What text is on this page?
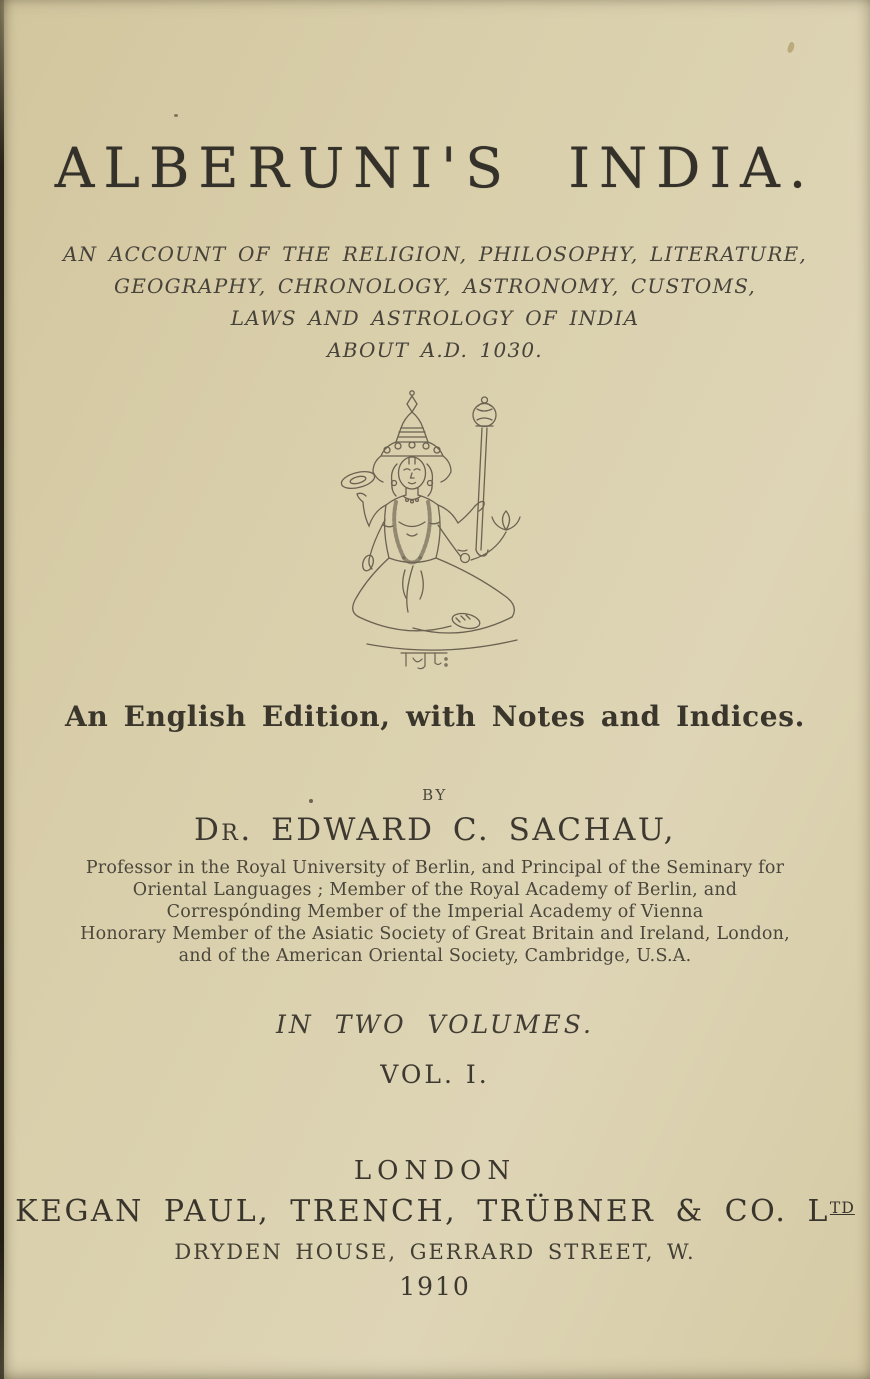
ALBERUNI'S INDIA.
AN ACCOUNT OF THE RELIGION, PHILOSOPHY, LITERATURE,
GEOGRAPHY, CHRONOLOGY, ASTRONOMY, CUSTOMS,
LAWS AND ASTROLOGY OF INDIA
ABOUT A.D. 1030.
An English Edition, with Notes and Indices.
BY
Dr. EDWARD C. SACHAU,
Professor in the Royal University of Berlin, and Principal of the Seminary for
Oriental Languages ; Member of the Royal Academy of Berlin, and
Correspónding Member of the Imperial Academy of Vienna
Honorary Member of the Asiatic Society of Great Britain and Ireland, London,
and of the American Oriental Society, Cambridge, U.S.A.
IN TWO VOLUMES.
VOL. I.
LONDON
KEGAN PAUL, TRENCH, TRÜBNER & CO. $L^{TD}$
DRYDEN HOUSE, GERRARD STREET, W.
1910
